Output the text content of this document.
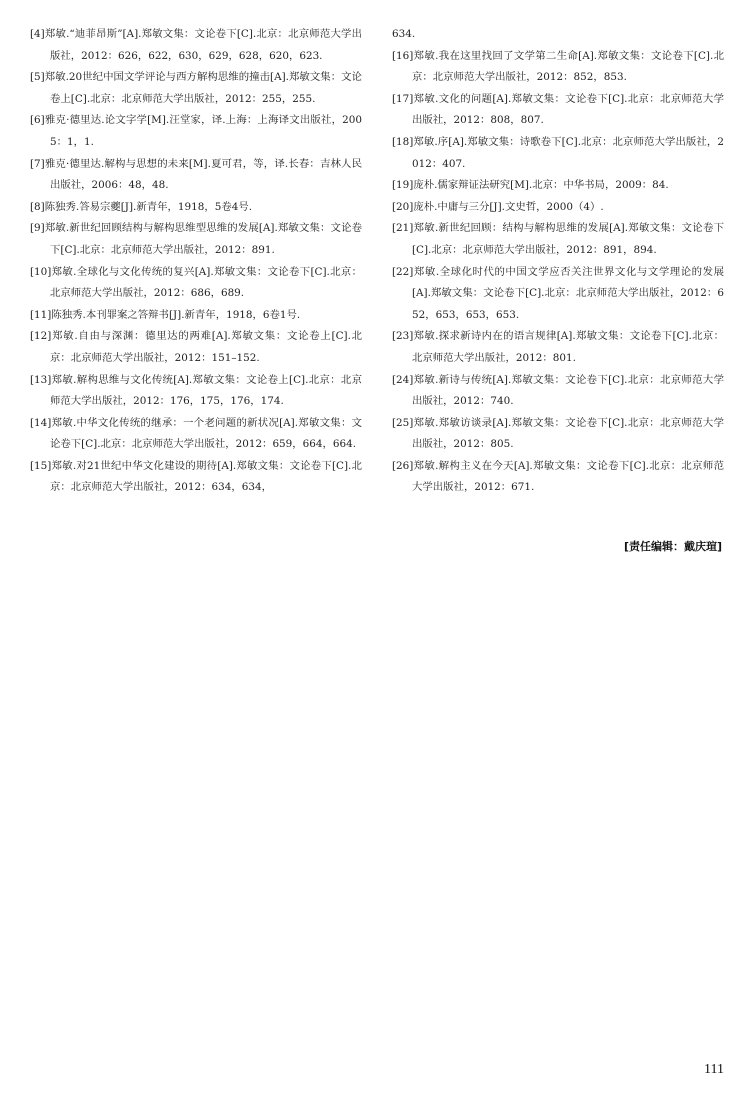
[4]郑敏.“迪菲昂斯”[A].郑敏文集：文论卷下[C].北京：北京师范大学出版社，2012：626，622，630，629，628，620，623.

[5]郑敏.20世纪中国文学评论与西方解构思维的撞击[A].郑敏文集：文论卷上[C].北京：北京师范大学出版社，2012：255，255.

[6]雅克·德里达.论文字学[M].汪堂家，译.上海：上海译文出版社，2005：1，1.

[7]雅克·德里达.解构与思想的未来[M].夏可君，等，译.长春：吉林人民出版社，2006：48，48.

[8]陈独秀.答易宗夔[J].新青年，1918，5卷4号.

[9]郑敏.新世纪回顾结构与解构思维型思维的发展[A].郑敏文集：文论卷下[C].北京：北京师范大学出版社，2012：891.

[10]郑敏.全球化与文化传统的复兴[A].郑敏文集：文论卷下[C].北京：北京师范大学出版社，2012：686，689.

[11]陈独秀.本刊罪案之答辩书[J].新青年，1918，6卷1号.

[12]郑敏.自由与深渊：德里达的两难[A].郑敏文集：文论卷上[C].北京：北京师范大学出版社，2012：151–152.

[13]郑敏.解构思维与文化传统[A].郑敏文集：文论卷上[C].北京：北京师范大学出版社，2012：176，175，176，174.

[14]郑敏.中华文化传统的继承：一个老问题的新状况[A].郑敏文集：文论卷下[C].北京：北京师范大学出版社，2012：659，664，664.

[15]郑敏.对21世纪中华文化建设的期待[A].郑敏文集：文论卷下[C].北京：北京师范大学出版社，2012：634，634，

634.

[16]郑敏.我在这里找回了文学第二生命[A].郑敏文集：文论卷下[C].北京：北京师范大学出版社，2012：852，853.

[17]郑敏.文化的问题[A].郑敏文集：文论卷下[C].北京：北京师范大学出版社，2012：808，807.

[18]郑敏.序[A].郑敏文集：诗歌卷下[C].北京：北京师范大学出版社，2012：407.

[19]庞朴.儒家辩证法研究[M].北京：中华书局，2009：84.

[20]庞朴.中庸与三分[J].文史哲，2000（4）.

[21]郑敏.新世纪回顾：结构与解构思维的发展[A].郑敏文集：文论卷下[C].北京：北京师范大学出版社，2012：891，894.

[22]郑敏.全球化时代的中国文学应否关注世界文化与文学理论的发展[A].郑敏文集：文论卷下[C].北京：北京师范大学出版社，2012：652，653，653，653.

[23]郑敏.探求新诗内在的语言规律[A].郑敏文集：文论卷下[C].北京：北京师范大学出版社，2012：801.

[24]郑敏.新诗与传统[A].郑敏文集：文论卷下[C].北京：北京师范大学出版社，2012：740.

[25]郑敏.郑敏访谈录[A].郑敏文集：文论卷下[C].北京：北京师范大学出版社，2012：805.

[26]郑敏.解构主义在今天[A].郑敏文集：文论卷下[C].北京：北京师范大学出版社，2012：671.

[责任编辑：戴庆瑄]
111
